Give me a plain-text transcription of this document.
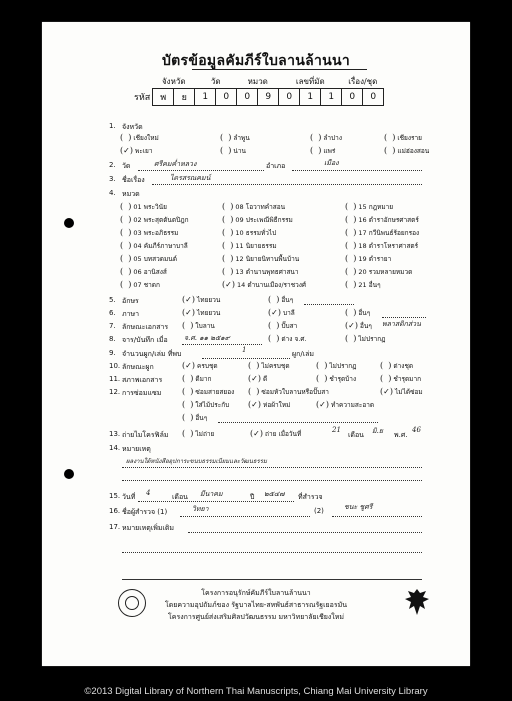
บัตรข้อมูลคัมภีร์ใบลานล้านนา
	จังหวัด		วัด		หมวด		เลขที่มัด			เรื่อง/ชุด	
รหัส	พ	ย	1	0	0	9	0	1	1	0	0
1. จังหวัด
(  ) เชียงใหม่	(  ) ลำพูน	(  ) ลำปาง	(  ) เชียงราย
(✓) พะเยา	(  ) น่าน	(  ) แพร่	(  ) แม่ฮ่องสอน
2. วัด	ศรีคมค่ำหลวง	อำเภอ	เมือง
3. ชื่อเรื่อง	ไตรสรณคมน์
4. หมวด
(  ) 01 พระวินัย	(  ) 08 โอวาทคำสอน	(  ) 15 กฎหมาย
(  ) 02 พระสุตตันตปิฎก	(  ) 09 ประเพณีพิธีกรรม	(  ) 16 ตำราอักษรศาสตร์
(  ) 03 พระอภิธรรม	(  ) 10 ธรรมทั่วไป	(  ) 17 กวีนิพนธ์ร้อยกรอง
(  ) 04 คัมภีร์ภาษาบาลี	(  ) 11 นิยายธรรม	(  ) 18 ตำราโหราศาสตร์
(  ) 05 บทสวดมนต์	(  ) 12 นิยายนิทานพื้นบ้าน	(  ) 19 ตำรายา
(  ) 06 อานิสงส์	(  ) 13 ตำนานพุทธศาสนา	(  ) 20 รวมหลายหมวด
(  ) 07 ชาดก	(✓) 14 ตำนานเมือง/ราชวงศ์	(  ) 21 อื่นๆ
5. อักษร	(✓) ไทยยวน	(  ) อื่นๆ
6. ภาษา	(✓) ไทยยวน	(✓) บาลี	(  ) อื่นๆ
7. ลักษณะเอกสาร (  ) ใบลาน	(  ) ปั๊บสา	(✓) อื่นๆ พลาสติกส่วน
8. จาร/บันทึก เมื่อ จ.ศ. ๑๑ ๒๕๑๙	(  ) ต่าง จ.ศ.	(  ) ไม่ปรากฏ
9. จำนวนผูก/เล่ม ที่พบ	1	ผูก/เล่ม
10. ลักษณะผูก	(✓) ครบชุด	(  ) ไม่ครบชุด	(  ) ไม่ปรากฏ	(  ) ต่างชุด
11. สภาพเอกสาร (  ) ดีมาก	(✓) ดี	(  ) ชำรุดบ้าง	(  ) ชำรุดมาก
12. การซ่อมแซม	(  ) ซ่อมสายสยอง (  ) ซ่อมหัวใบลานหรือปั๊บสา	(✓) ไม่ได้ซ่อม
(  ) ใส่ไม้ประกับ (✓) ห่อผ้าใหม่	(✓) ทำความสะอาด
(  ) อื่นๆ
13. ถ่ายไมโครฟิล์ม (  ) ไม่ถ่าย	(✓) ถ่าย เมื่อวันที่	21
เดือน มิ.ย พ.ศ.
46
14. หมายเหตุ
ผลงานใต้หนังสืออุปการะขนบธรรมเนียมและวัฒนธรรม
15. วันที่ 4	เดือน มีนาคม	ปี ๒๕๔๗ ที่สำรวจ
16. ชื่อผู้สำรวจ (1)	วิทยา	(2)	ชนะ ชูศรี
17. หมายเหตุเพิ่มเติม
โครงการอนุรักษ์คัมภีร์ใบลานล้านนา
โดยความอุปถัมภ์ของ รัฐบาลไทย-สหพันธ์สาธารณรัฐเยอรมัน
โครงการศูนย์ส่งเสริมศิลปวัฒนธรรม มหาวิทยาลัยเชียงใหม่
©2013 Digital Library of Northern Thai Manuscripts, Chiang Mai University Library
